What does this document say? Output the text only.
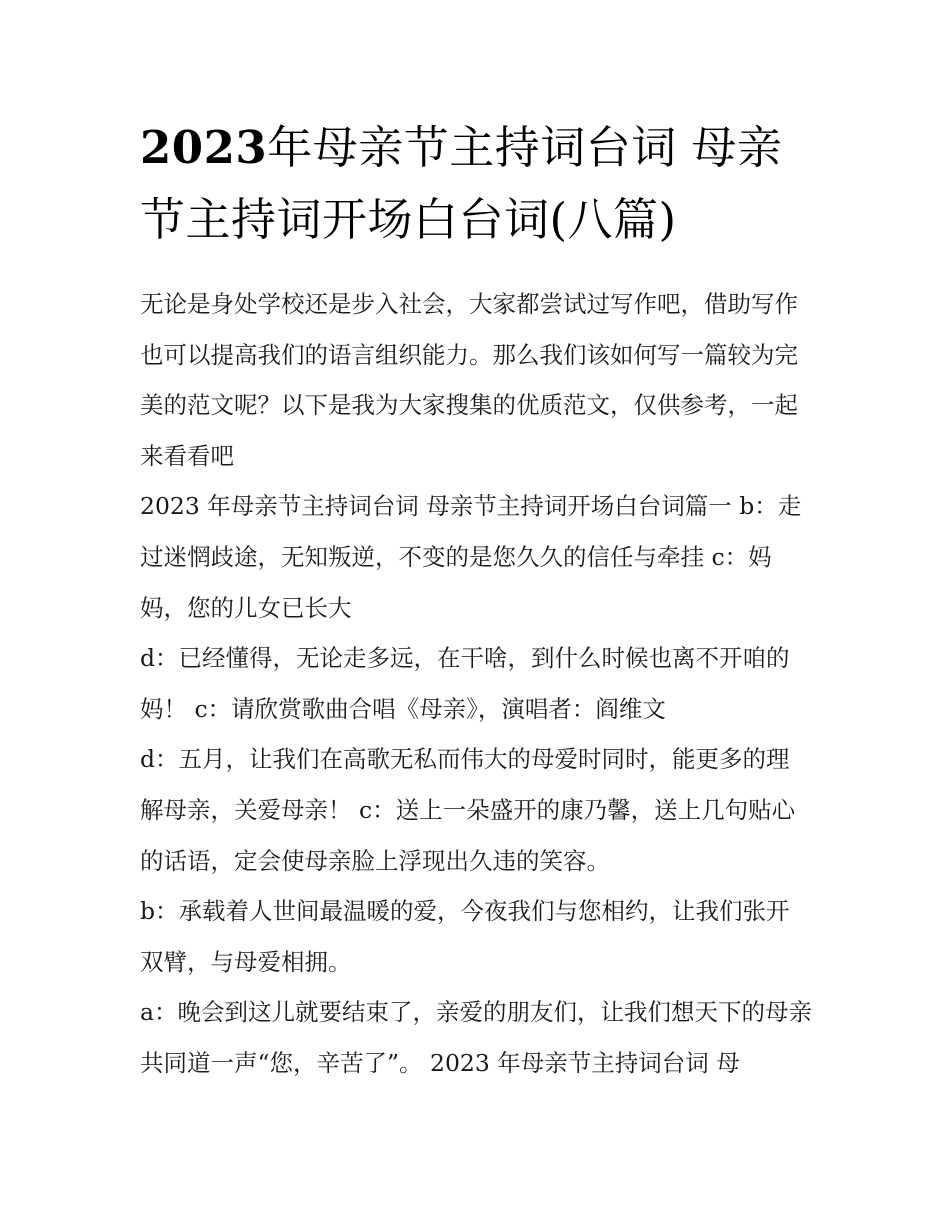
2023年母亲节主持词台词 母亲节主持词开场白台词(八篇)

无论是身处学校还是步入社会，大家都尝试过写作吧，借助写作也可以提高我们的语言组织能力。那么我们该如何写一篇较为完美的范文呢？以下是我为大家搜集的优质范文，仅供参考，一起来看看吧

2023 年母亲节主持词台词 母亲节主持词开场白台词篇一 b：走过迷惘歧途，无知叛逆，不变的是您久久的信任与牵挂 c：妈妈，您的儿女已长大

d：已经懂得，无论走多远，在干啥，到什么时候也离不开咱的妈！ c：请欣赏歌曲合唱《母亲》，演唱者：阎维文

d：五月，让我们在高歌无私而伟大的母爱时同时，能更多的理解母亲，关爱母亲！ c：送上一朵盛开的康乃馨，送上几句贴心的话语，定会使母亲脸上浮现出久违的笑容。

b：承载着人世间最温暖的爱，今夜我们与您相约，让我们张开双臂，与母爱相拥。

a：晚会到这儿就要结束了，亲爱的朋友们，让我们想天下的母亲共同道一声“您，辛苦了”。 2023 年母亲节主持词台词 母
